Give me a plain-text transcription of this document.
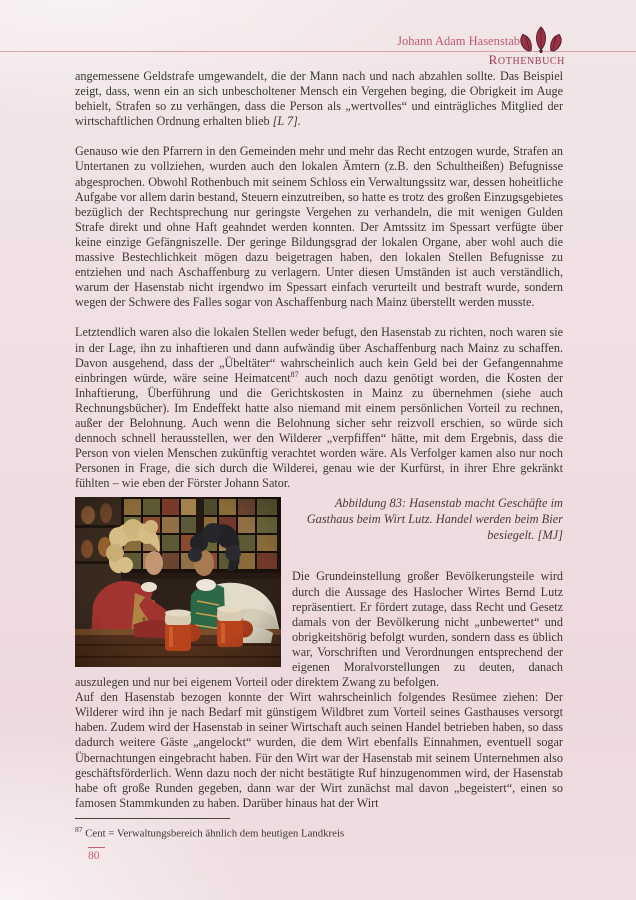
Johann Adam Hasenstab
ROTHENBUCH

angemessene Geldstrafe umgewandelt, die der Mann nach und nach abzahlen sollte. Das Beispiel zeigt, dass, wenn ein an sich unbescholtener Mensch ein Vergehen beging, die Obrigkeit im Auge behielt, Strafen so zu verhängen, dass die Person als „wertvolles“ und einträgliches Mitglied der wirtschaftlichen Ordnung erhalten blieb [L 7].

Genauso wie den Pfarrern in den Gemeinden mehr und mehr das Recht entzogen wurde, Strafen an Untertanen zu vollziehen, wurden auch den lokalen Ämtern (z.B. den Schultheißen) Befugnisse abgesprochen. Obwohl Rothenbuch mit seinem Schloss ein Verwaltungssitz war, dessen hoheitliche Aufgabe vor allem darin bestand, Steuern einzutreiben, so hatte es trotz des großen Einzugsgebietes bezüglich der Rechtsprechung nur geringste Vergehen zu verhandeln, die mit wenigen Gulden Strafe direkt und ohne Haft geahndet werden konnten. Der Amtssitz im Spessart verfügte über keine einzige Gefängniszelle. Der geringe Bildungsgrad der lokalen Organe, aber wohl auch die massive Bestechlichkeit mögen dazu beigetragen haben, den lokalen Stellen Befugnisse zu entziehen und nach Aschaffenburg zu verlagern. Unter diesen Umständen ist auch verständlich, warum der Hasenstab nicht irgendwo im Spessart einfach verurteilt und bestraft wurde, sondern wegen der Schwere des Falles sogar von Aschaffenburg nach Mainz überstellt werden musste.

Letztendlich waren also die lokalen Stellen weder befugt, den Hasenstab zu richten, noch waren sie in der Lage, ihn zu inhaftieren und dann aufwändig über Aschaffenburg nach Mainz zu schaffen. Davon ausgehend, dass der „Übeltäter“ wahrscheinlich auch kein Geld bei der Gefangennahme einbringen würde, wäre seine Heimatcent$^{87}$ auch noch dazu genötigt worden, die Kosten der Inhaftierung, Überführung und die Gerichtskosten in Mainz zu übernehmen (siehe auch Rechnungsbücher). Im Endeffekt hatte also niemand mit einem persönlichen Vorteil zu rechnen, außer der Belohnung. Auch wenn die Belohnung sicher sehr reizvoll erschien, so würde sich dennoch schnell herausstellen, wer den Wilderer „verpfiffen“ hätte, mit dem Ergebnis, dass die Person von vielen Menschen zukünftig verachtet worden wäre. Als Verfolger kamen also nur noch Personen in Frage, die sich durch die Wilderei, genau wie der Kurfürst, in ihrer Ehre gekränkt fühlten – wie eben der Förster Johann Sator.

Abbildung 83: Hasenstab macht Geschäfte im Gasthaus beim Wirt Lutz. Handel werden beim Bier besiegelt. [MJ]

Die Grundeinstellung großer Bevölkerungsteile wird durch die Aussage des Haslocher Wirtes Bernd Lutz repräsentiert. Er fördert zutage, dass Recht und Gesetz damals von der Bevölkerung nicht „unbewertet“ und obrigkeitshörig befolgt wurden, sondern dass es üblich war, Vorschriften und Verordnungen entsprechend der eigenen Moralvorstellungen zu deuten, danach auszulegen und nur bei eigenem Vorteil oder direktem Zwang zu befolgen.

Auf den Hasenstab bezogen konnte der Wirt wahrscheinlich folgendes Resümee ziehen: Der Wilderer wird ihn je nach Bedarf mit günstigem Wildbret zum Vorteil seines Gasthauses versorgt haben. Zudem wird der Hasenstab in seiner Wirtschaft auch seinen Handel betrieben haben, so dass dadurch weitere Gäste „angelockt“ wurden, die dem Wirt ebenfalls Einnahmen, eventuell sogar Übernachtungen eingebracht haben. Für den Wirt war der Hasenstab mit seinem Unternehmen also geschäftsförderlich. Wenn dazu noch der nicht bestätigte Ruf hinzugenommen wird, der Hasenstab habe oft große Runden gegeben, dann war der Wirt zunächst mal davon „begeistert“, einen so famosen Stammkunden zu haben. Darüber hinaus hat der Wirt

$^{87}$ Cent = Verwaltungsbereich ähnlich dem heutigen Landkreis
80
